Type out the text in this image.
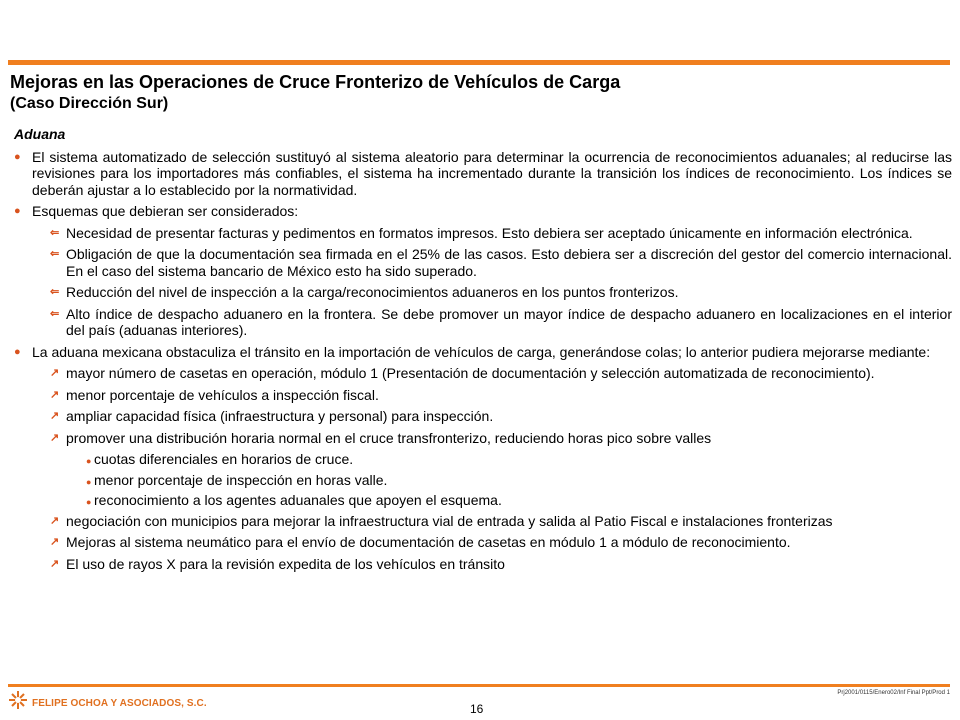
Mejoras en las Operaciones de Cruce Fronterizo de Vehículos de Carga
(Caso Dirección Sur)
Aduana
● El sistema automatizado de selección sustituyó al sistema aleatorio para determinar la ocurrencia de reconocimientos aduanales; al reducirse las revisiones para los importadores más confiables, el sistema ha incrementado durante la transición los índices de reconocimiento. Los índices se deberán ajustar a lo establecido por la normatividad.
● Esquemas que debieran ser considerados:
⇐ Necesidad de presentar facturas y pedimentos en formatos impresos. Esto debiera ser aceptado únicamente en información electrónica.
⇐ Obligación de que la documentación sea firmada en el 25% de las casos. Esto debiera ser a discreción del gestor del comercio internacional. En el caso del sistema bancario de México esto ha sido superado.
⇐ Reducción del nivel de inspección a la carga/reconocimientos aduaneros en los puntos fronterizos.
⇐ Alto índice de despacho aduanero en la frontera. Se debe promover un mayor índice de despacho aduanero en localizaciones en el interior del país (aduanas interiores).
● La aduana mexicana obstaculiza el tránsito en la importación de vehículos de carga, generándose colas; lo anterior pudiera mejorarse mediante:
↗ mayor número de casetas en operación, módulo 1 (Presentación de documentación y selección automatizada de reconocimiento).
↗ menor porcentaje de vehículos a inspección fiscal.
↗ ampliar capacidad física (infraestructura y personal) para inspección.
↗ promover una distribución horaria normal en el cruce transfronterizo, reduciendo horas pico sobre valles
● cuotas diferenciales en horarios de cruce.
● menor porcentaje de inspección en horas valle.
● reconocimiento a los agentes aduanales que apoyen el esquema.
↗ negociación con municipios para mejorar la infraestructura vial de entrada y salida al Patio Fiscal e instalaciones fronterizas
↗ Mejoras al sistema neumático para el envío de documentación de casetas en módulo 1 a módulo de reconocimiento.
↗ El uso de rayos X para la revisión expedita de los vehículos en tránsito
FELIPE OCHOA Y ASOCIADOS, S.C.	16
Prj2001/0115/Enero02/Inf Final Ppt/Prod 1
